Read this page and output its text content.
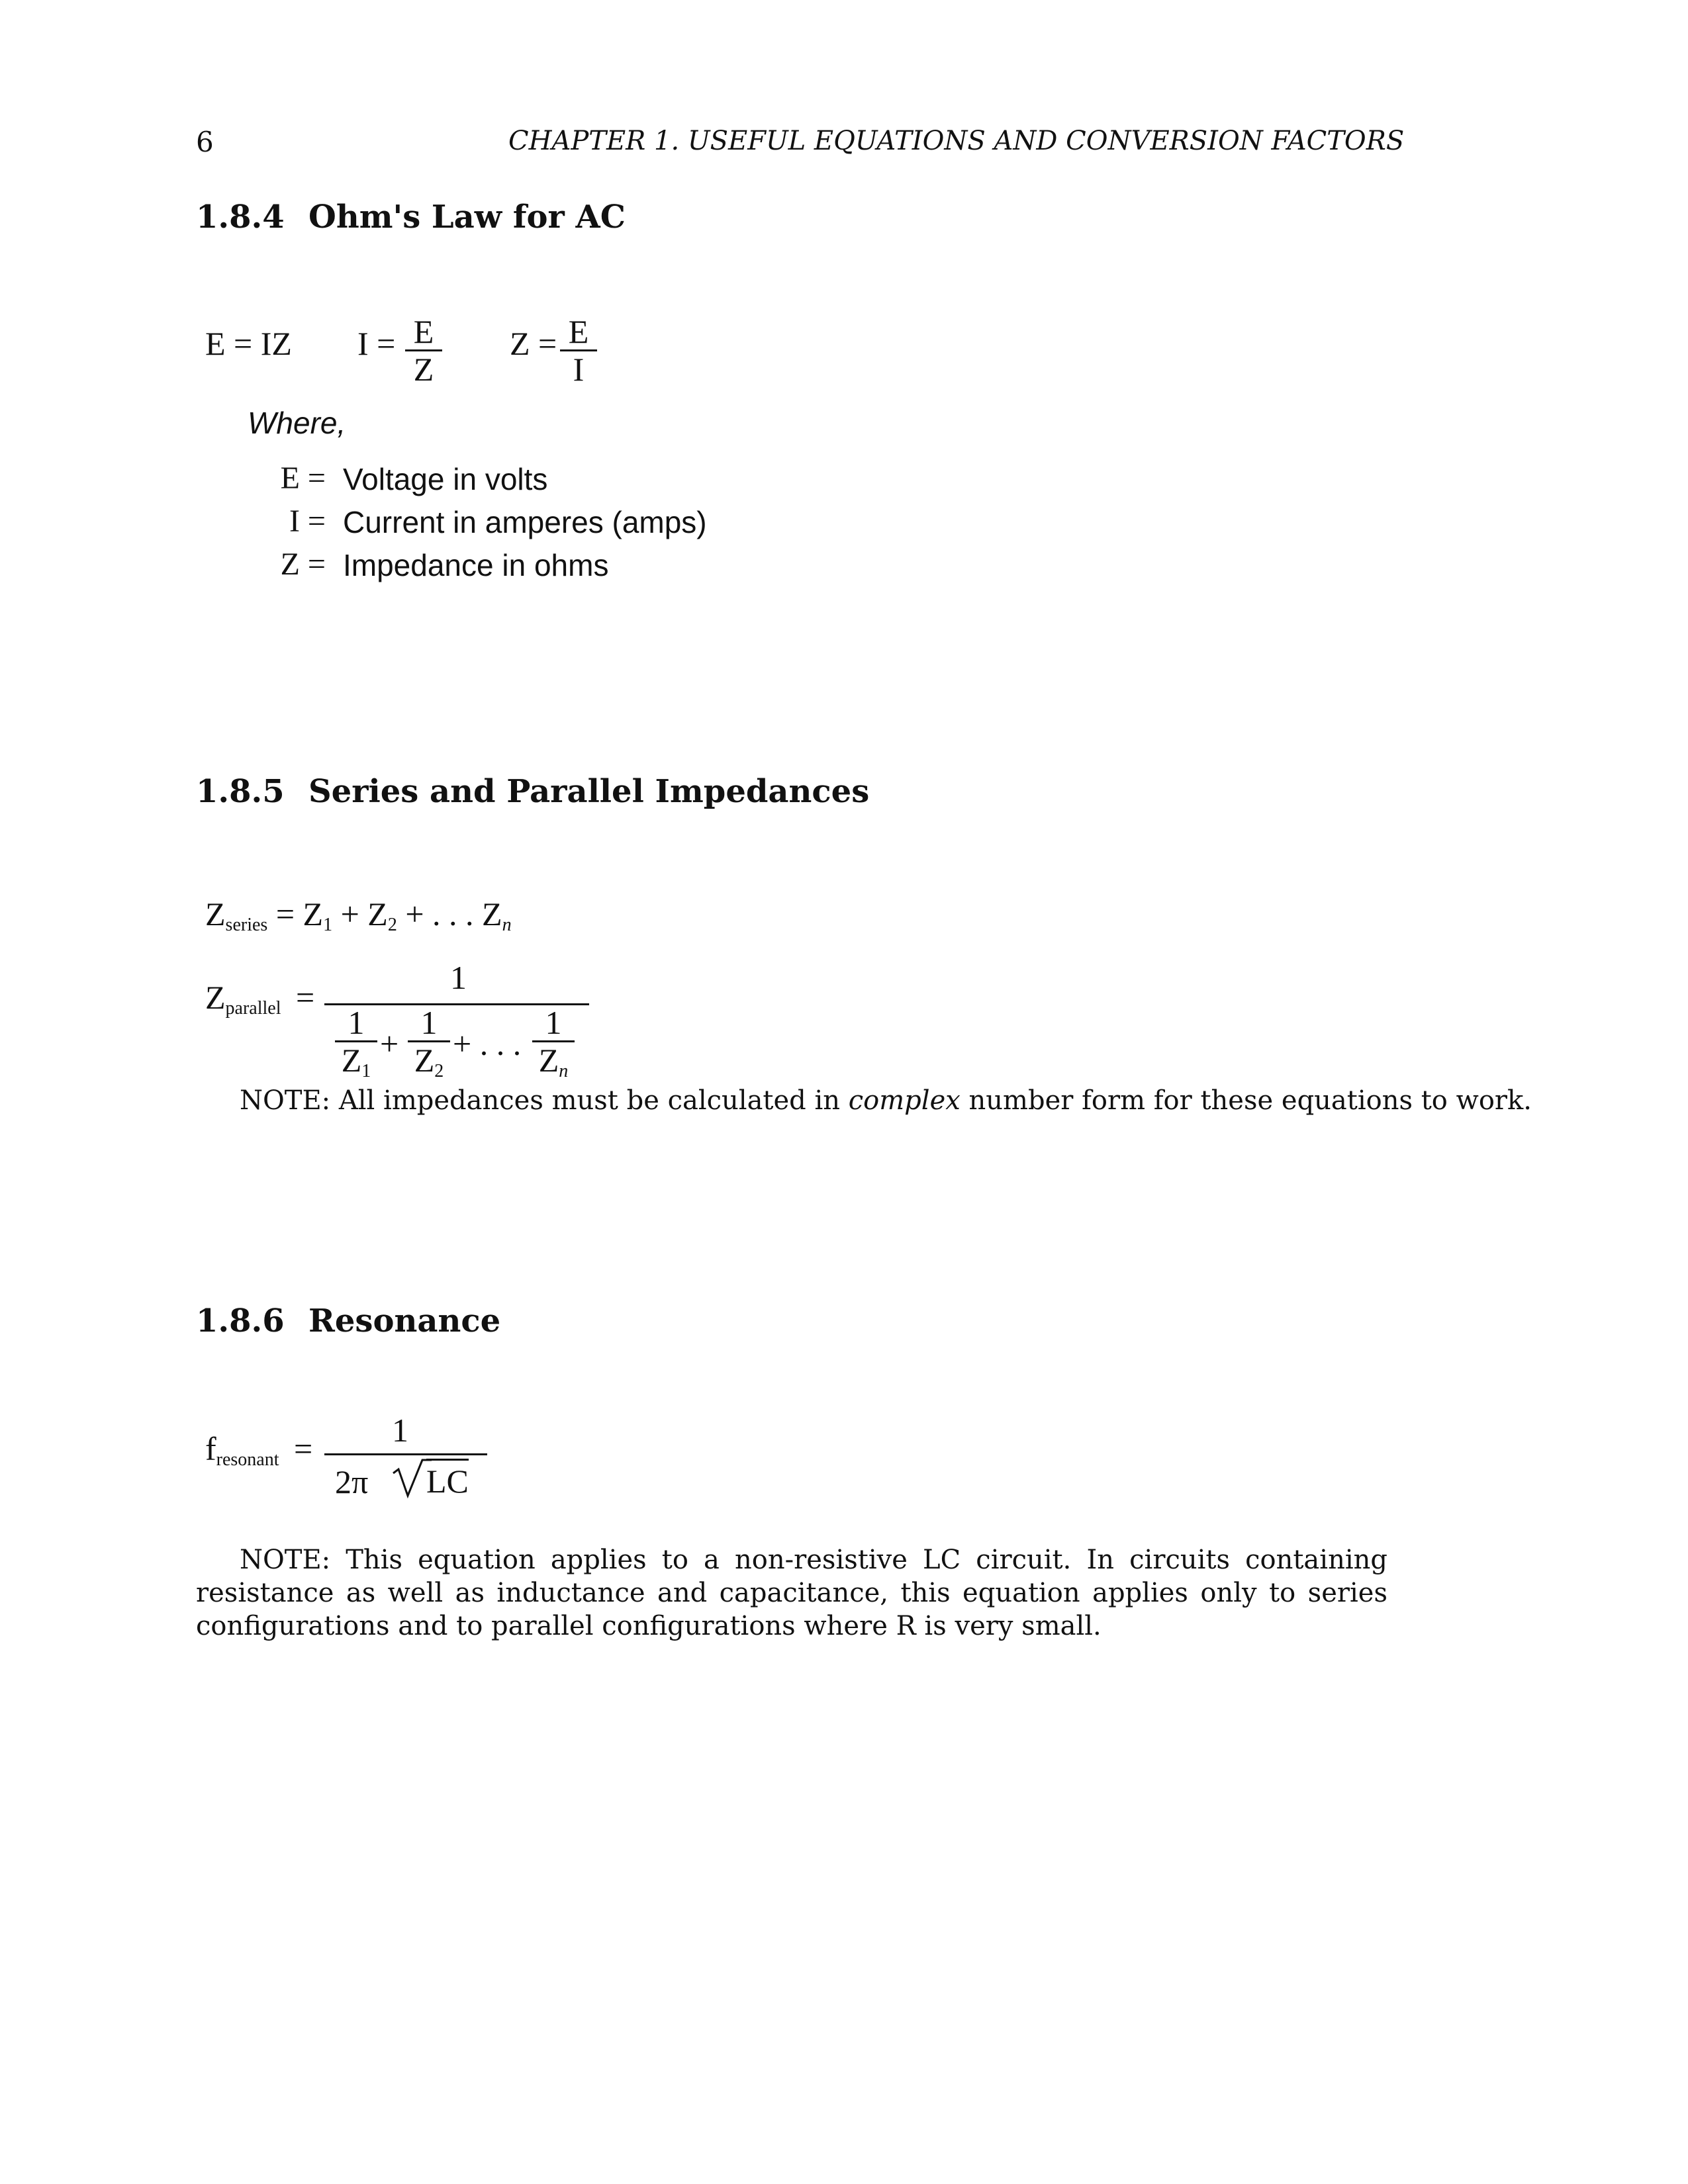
6	CHAPTER 1. USEFUL EQUATIONS AND CONVERSION FACTORS
1.8.4 Ohm's Law for AC
E = IZ I = E
Z
Z = E
I
Where,
E = Voltage in volts
I = Current in amperes (amps)
Z = Impedance in ohms
1.8.5 Series and Parallel Impedances
Zseries = Z1 + Z2 + . . . Zn
Zparallel =
1
1
Z1
+
1
Z2
+ . . .
1
Zn
NOTE: All impedances must be calculated in complex number form for these equations to work.
1.8.6 Resonance
fresonant = 1
2π LC
NOTE: This equation applies to a non-resistive LC circuit. In circuits containing resistance as well as inductance and capacitance, this equation applies only to series configurations and to parallel configurations where R is very small.
